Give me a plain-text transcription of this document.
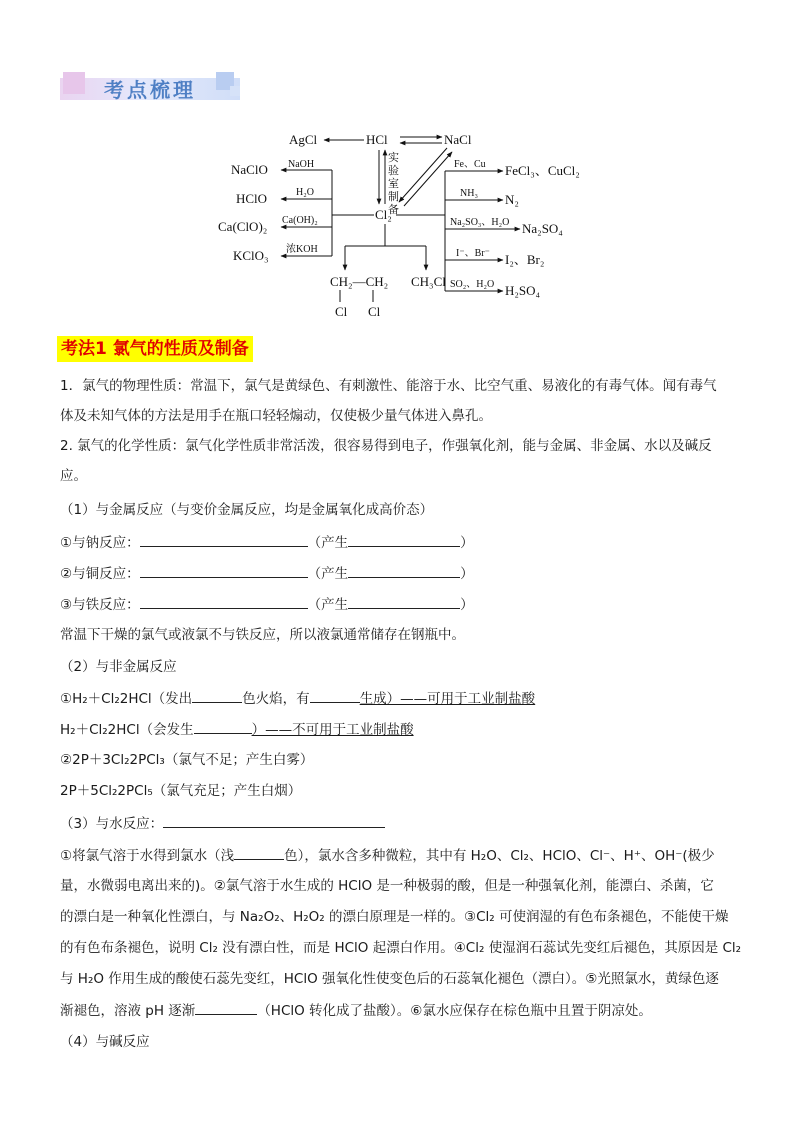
考点梳理
HCl	NaCl
AgCl
Cl₂
实
验
室
制
备
NaOH
NaClO
H₂O
HClO
Ca(OH)₂
Ca(ClO)₂
浓KOH
KClO₃
Fe、Cu FeCl₃、CuCl₂
NH₃ N₂
Na₂SO₃、H₂O Na₂SO₄
I⁻、Br⁻ I₂、Br₂
SO₂、H₂O H₂SO₄
CH₂—CH₂
Cl Cl
CH₃Cl
考法1 氯气的性质及制备
1．氯气的物理性质：常温下，氯气是黄绿色、有刺激性、能溶于水、比空气重、易液化的有毒气体。闻有毒气
体及未知气体的方法是用手在瓶口轻轻煽动，仅使极少量气体进入鼻孔。
2. 氯气的化学性质：氯气化学性质非常活泼，很容易得到电子，作强氧化剂，能与金属、非金属、水以及碱反
应。
（1）与金属反应（与变价金属反应，均是金属氧化成高价态）
①与钠反应：	（产生	）
②与铜反应：	（产生	）
③与铁反应：	（产生	）
常温下干燥的氯气或液氯不与铁反应，所以液氯通常储存在钢瓶中。
（2）与非金属反应
①H₂＋Cl₂2HCl（发出	色火焰，有	生成）——可用于工业制盐酸
H₂＋Cl₂2HCl（会发生	）——不可用于工业制盐酸
②2P＋3Cl₂2PCl₃（氯气不足；产生白雾）
2P＋5Cl₂2PCl₅（氯气充足；产生白烟）
（3）与水反应：
①将氯气溶于水得到氯水（浅	色），氯水含多种微粒，其中有 H₂O、Cl₂、HClO、Cl⁻、H⁺、OH⁻(极少
量，水微弱电离出来的)。②氯气溶于水生成的 HClO 是一种极弱的酸，但是一种强氧化剂，能漂白、杀菌，它
的漂白是一种氧化性漂白，与 Na₂O₂、H₂O₂ 的漂白原理是一样的。③Cl₂ 可使润湿的有色布条褪色，不能使干燥
的有色布条褪色，说明 Cl₂ 没有漂白性，而是 HClO 起漂白作用。④Cl₂ 使湿润石蕊试先变红后褪色，其原因是 Cl₂
与 H₂O 作用生成的酸使石蕊先变红，HClO 强氧化性使变色后的石蕊氧化褪色（漂白）。⑤光照氯水，黄绿色逐
渐褪色，溶液 pH 逐渐	（HClO 转化成了盐酸）。⑥氯水应保存在棕色瓶中且置于阴凉处。
（4）与碱反应
